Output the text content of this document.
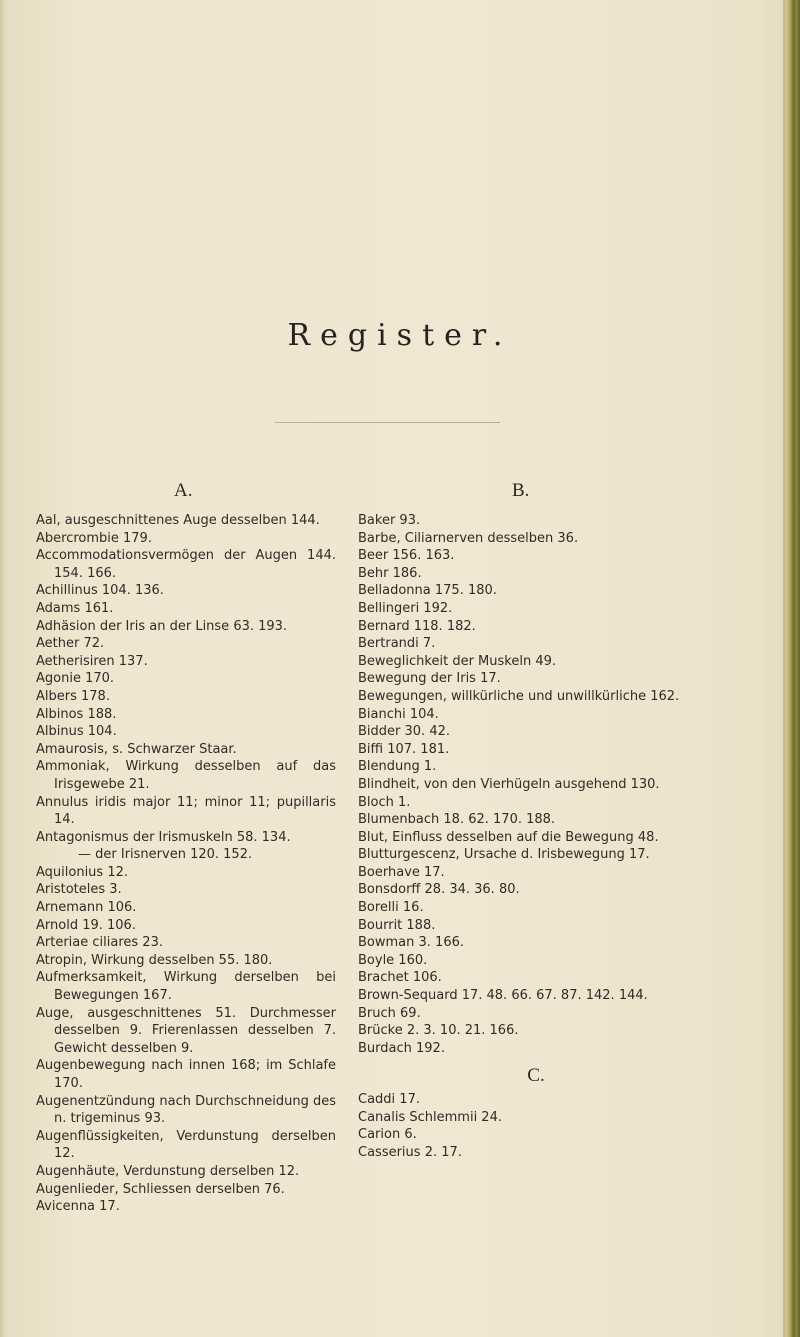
Register.
A.	B.
Aal, ausgeschnittenes Auge desselben 144.
Abercrombie 179.
Accommodationsvermögen der Augen 144. 154. 166.
Achillinus 104. 136.
Adams 161.
Adhäsion der Iris an der Linse 63. 193.
Aether 72.
Aetherisiren 137.
Agonie 170.
Albers 178.
Albinos 188.
Albinus 104.
Amaurosis, s. Schwarzer Staar.
Ammoniak, Wirkung desselben auf das Irisgewebe 21.
Annulus iridis major 11; minor 11; pupillaris 14.
Antagonismus der Irismuskeln 58. 134.
— der Irisnerven 120. 152.
Aquilonius 12.
Aristoteles 3.
Arnemann 106.
Arnold 19. 106.
Arteriae ciliares 23.
Atropin, Wirkung desselben 55. 180.
Aufmerksamkeit, Wirkung derselben bei Bewegungen 167.
Auge, ausgeschnittenes 51. Durchmesser desselben 9. Frierenlassen desselben 7. Gewicht desselben 9.
Augenbewegung nach innen 168; im Schlafe 170.
Augenentzündung nach Durchschneidung des n. trigeminus 93.
Augenflüssigkeiten, Verdunstung derselben 12.
Augenhäute, Verdunstung derselben 12.
Augenlieder, Schliessen derselben 76.
Avicenna 17.
Baker 93.
Barbe, Ciliarnerven desselben 36.
Beer 156. 163.
Behr 186.
Belladonna 175. 180.
Bellingeri 192.
Bernard 118. 182.
Bertrandi 7.
Beweglichkeit der Muskeln 49.
Bewegung der Iris 17.
Bewegungen, willkürliche und unwillkürliche 162.
Bianchi 104.
Bidder 30. 42.
Biffi 107. 181.
Blendung 1.
Blindheit, von den Vierhügeln ausgehend 130.
Bloch 1.
Blumenbach 18. 62. 170. 188.
Blut, Einfluss desselben auf die Bewegung 48.
Blutturgescenz, Ursache d. Irisbewegung 17.
Boerhave 17.
Bonsdorff 28. 34. 36. 80.
Borelli 16.
Bourrit 188.
Bowman 3. 166.
Boyle 160.
Brachet 106.
Brown-Sequard 17. 48. 66. 67. 87. 142. 144.
Bruch 69.
Brücke 2. 3. 10. 21. 166.
Burdach 192.
C.
Caddi 17.
Canalis Schlemmii 24.
Carion 6.
Casserius 2. 17.
